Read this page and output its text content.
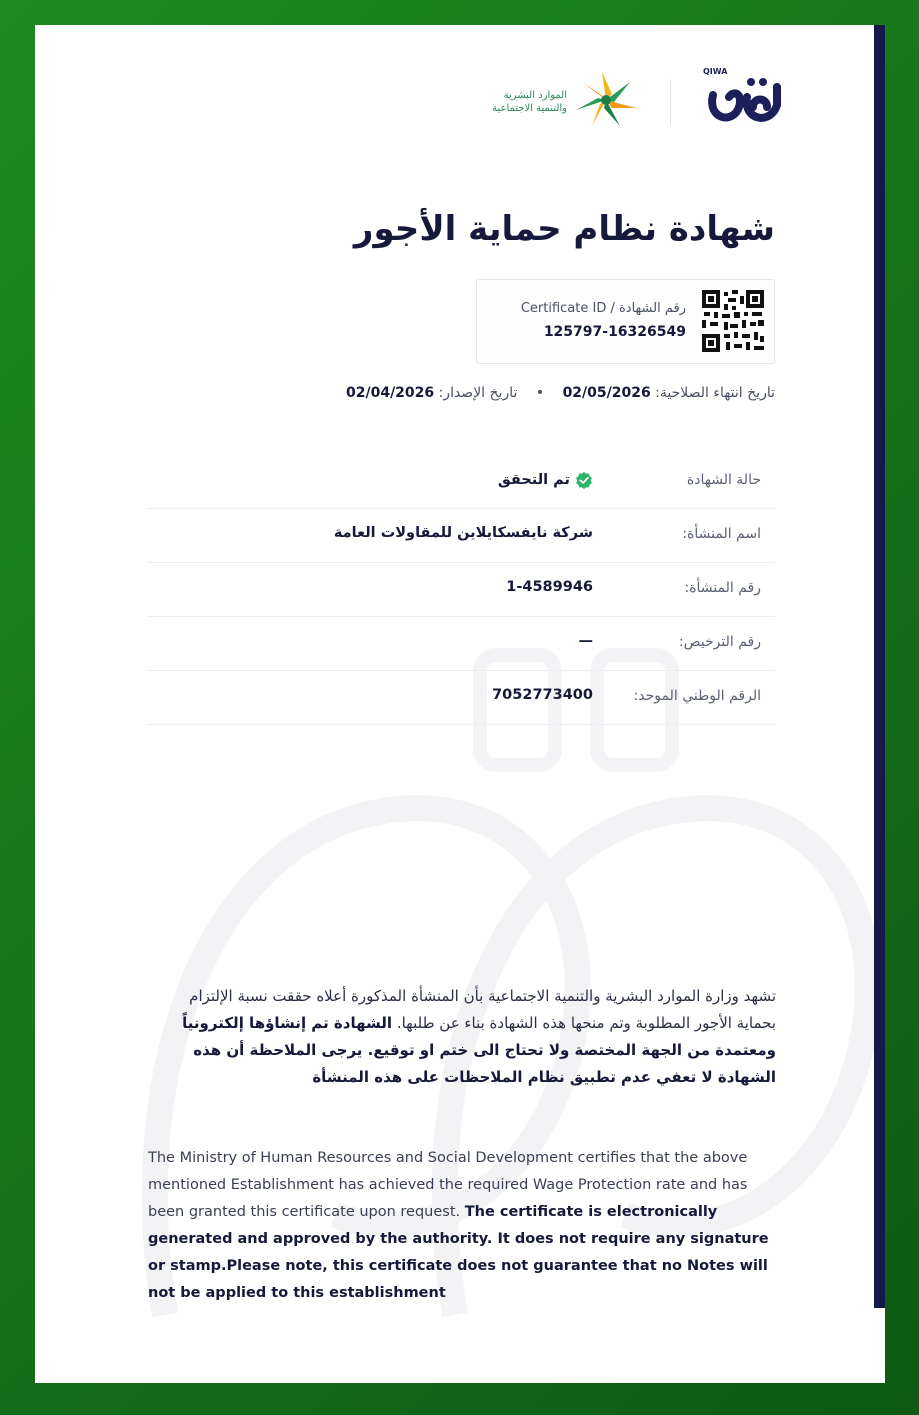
الموارد البشرية
والتنمية الاجتماعية
QIWA
شهادة نظام حماية الأجور
Certificate ID / رقم الشهادة
125797-16326549
تاريخ انتهاء الصلاحية: 02/05/2026 • تاريخ الإصدار: 02/04/2026
حالة الشهادة
تم التحقق
اسم المنشأة:
شركة نايفسكايلاين للمقاولات العامة
رقم المنشأة:
1-4589946
رقم الترخيص:
—
الرقم الوطني الموحد:
7052773400
تشهد وزارة الموارد البشرية والتنمية الاجتماعية بأن المنشأة المذكورة أعلاه حققت نسبة الإلتزام بحماية الأجور المطلوبة وتم منحها هذه الشهادة بناء عن طلبها. الشهادة تم إنشاؤها إلكترونياً ومعتمدة من الجهة المختصة ولا تحتاج الى ختم او توقيع. يرجى الملاحظة أن هذه الشهادة لا تعفي عدم تطبيق نظام الملاحظات على هذه المنشأة
The Ministry of Human Resources and Social Development certifies that the above mentioned Establishment has achieved the required Wage Protection rate and has been granted this certificate upon request. The certificate is electronically generated and approved by the authority. It does not require any signature or stamp.Please note, this certificate does not guarantee that no Notes will not be applied to this establishment
